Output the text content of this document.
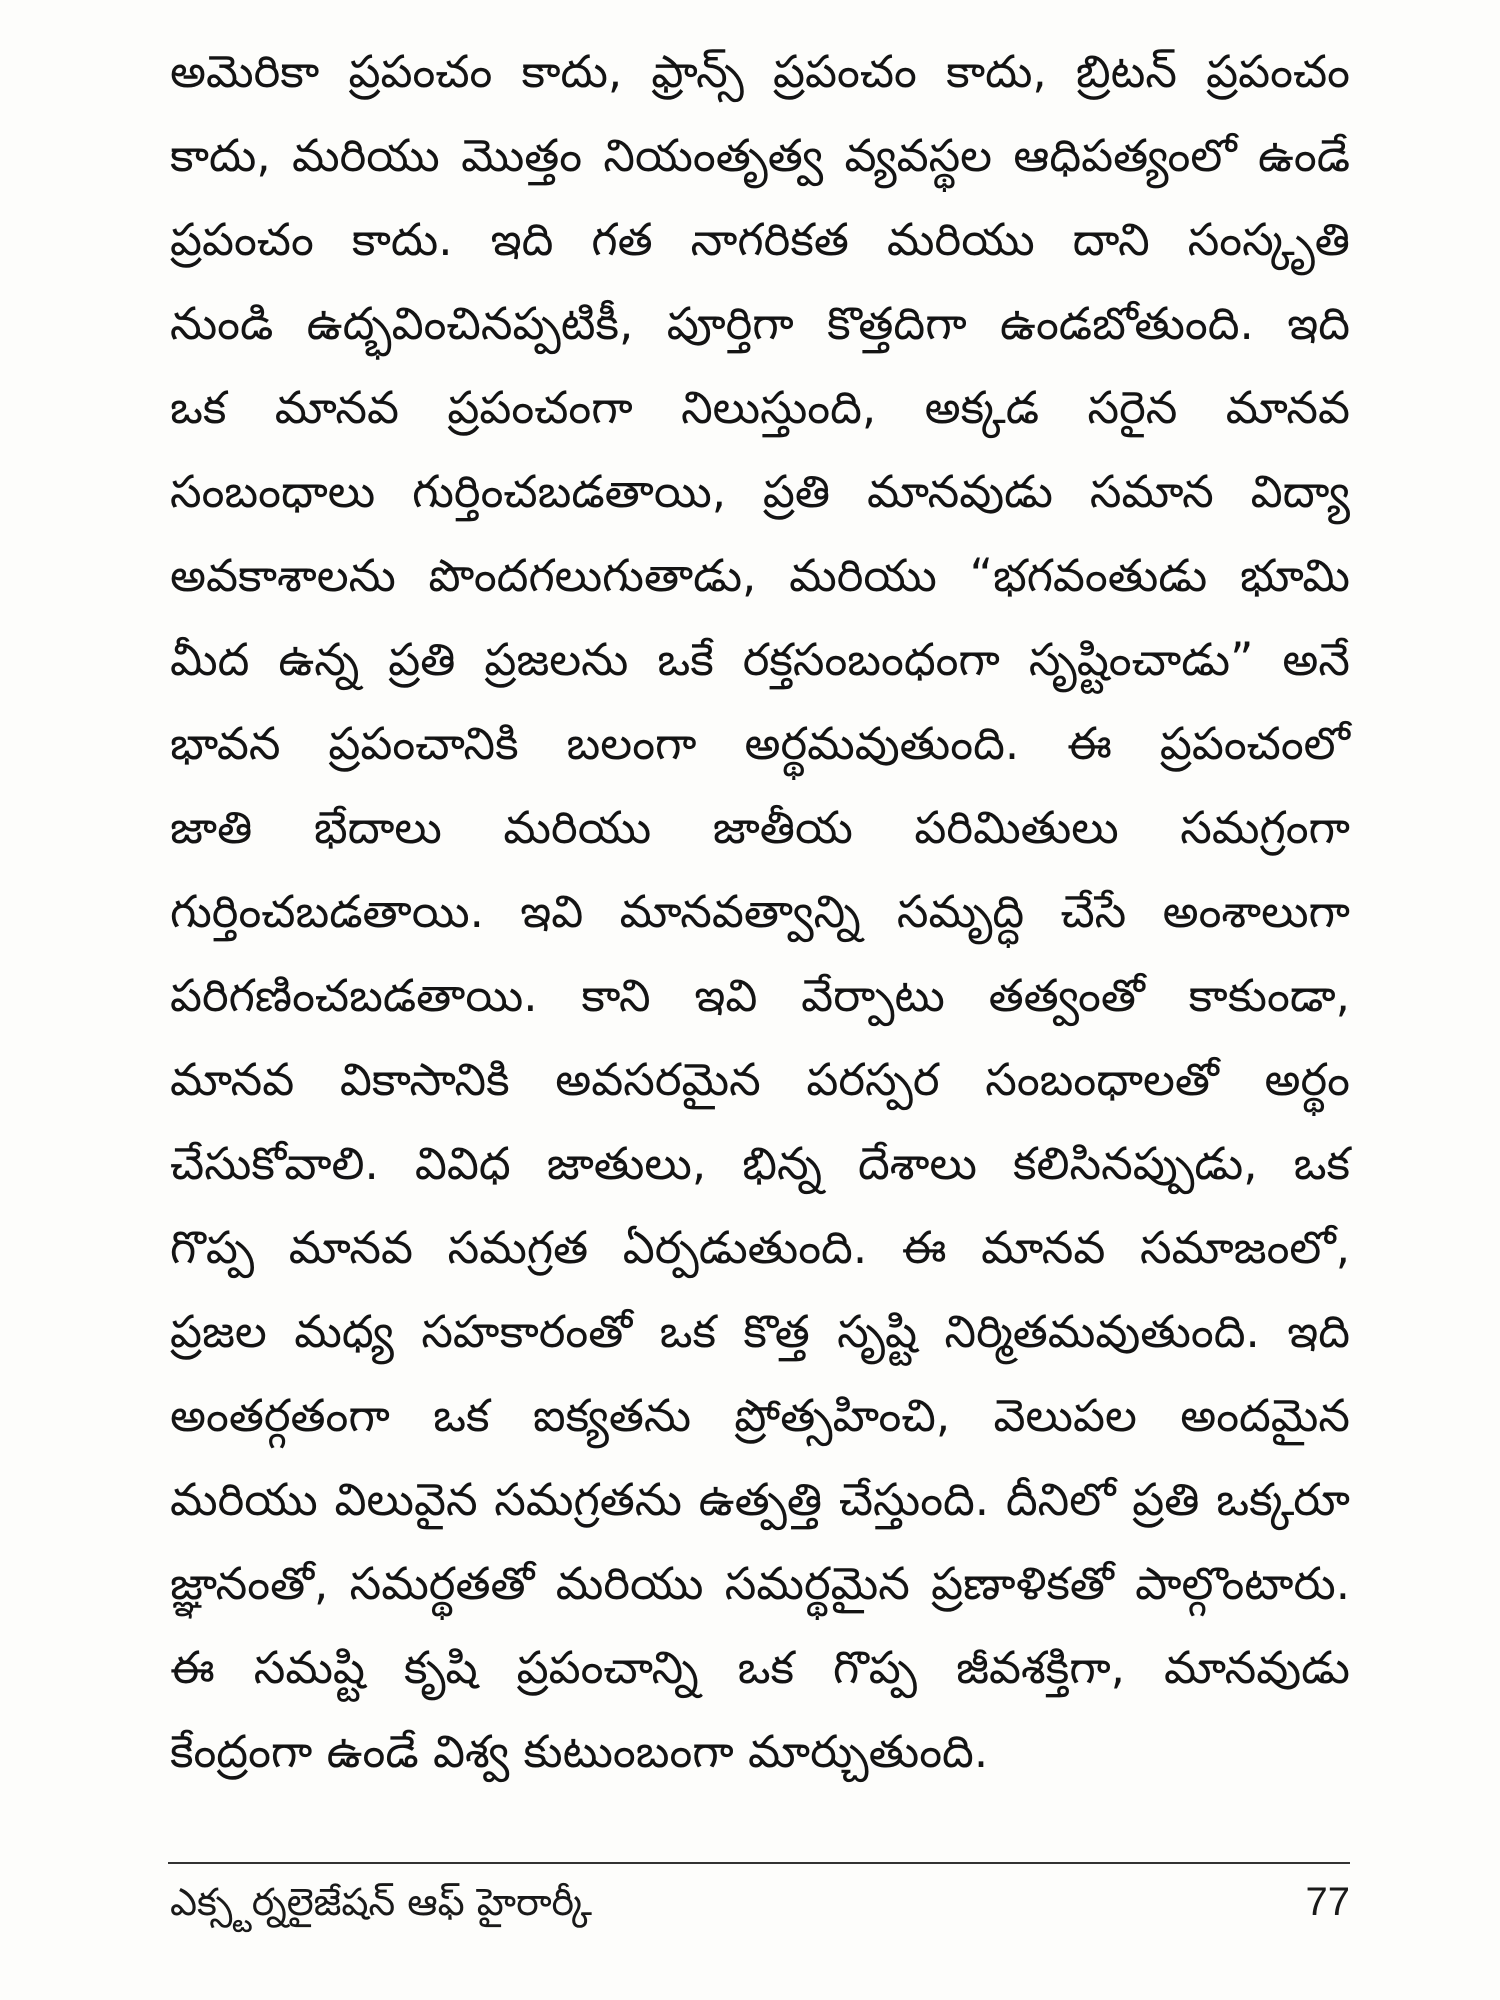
అమెరికా ప్రపంచం కాదు, ఫ్రాన్స్ ప్రపంచం కాదు, బ్రిటన్ ప్రపంచం
కాదు, మరియు మొత్తం నియంతృత్వ వ్యవస్థల ఆధిపత్యంలో ఉండే
ప్రపంచం కాదు. ఇది గత నాగరికత మరియు దాని సంస్కృతి
నుండి ఉద్భవించినప్పటికీ, పూర్తిగా కొత్తదిగా ఉండబోతుంది. ఇది
ఒక మానవ ప్రపంచంగా నిలుస్తుంది, అక్కడ సరైన మానవ
సంబంధాలు గుర్తించబడతాయి, ప్రతి మానవుడు సమాన విద్యా
అవకాశాలను పొందగలుగుతాడు, మరియు “భగవంతుడు భూమి
మీద ఉన్న ప్రతి ప్రజలను ఒకే రక్తసంబంధంగా సృష్టించాడు” అనే
భావన ప్రపంచానికి బలంగా అర్థమవుతుంది. ఈ ప్రపంచంలో
జాతి భేదాలు మరియు జాతీయ పరిమితులు సమగ్రంగా
గుర్తించబడతాయి. ఇవి మానవత్వాన్ని సమృద్ధి చేసే అంశాలుగా
పరిగణించబడతాయి. కాని ఇవి వేర్పాటు తత్వంతో కాకుండా,
మానవ వికాసానికి అవసరమైన పరస్పర సంబంధాలతో అర్థం
చేసుకోవాలి. వివిధ జాతులు, భిన్న దేశాలు కలిసినప్పుడు, ఒక
గొప్ప మానవ సమగ్రత ఏర్పడుతుంది. ఈ మానవ సమాజంలో,
ప్రజల మధ్య సహకారంతో ఒక కొత్త సృష్టి నిర్మితమవుతుంది. ఇది
అంతర్గతంగా ఒక ఐక్యతను ప్రోత్సహించి, వెలుపల అందమైన
మరియు విలువైన సమగ్రతను ఉత్పత్తి చేస్తుంది. దీనిలో ప్రతి ఒక్కరూ
జ్ఞానంతో, సమర్థతతో మరియు సమర్థమైన ప్రణాళికతో పాల్గొంటారు.
ఈ సమష్టి కృషి ప్రపంచాన్ని ఒక గొప్ప జీవశక్తిగా, మానవుడు
కేంద్రంగా ఉండే విశ్వ కుటుంబంగా మార్చుతుంది.
ఎక్స్టర్నలైజేషన్ ఆఫ్ హైరార్కీ	77
